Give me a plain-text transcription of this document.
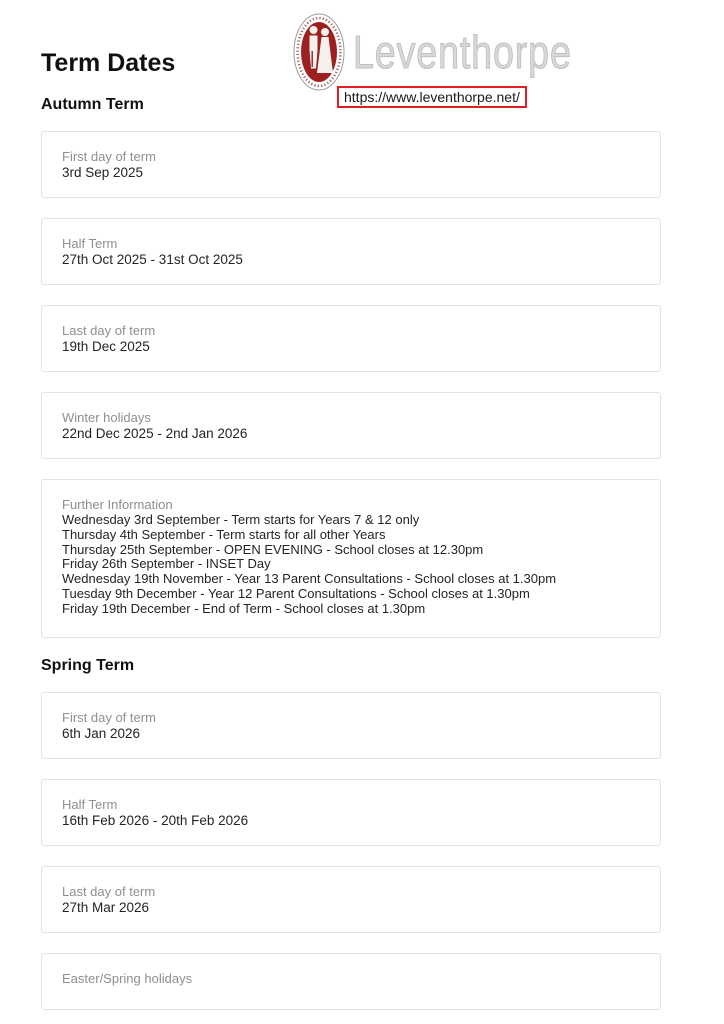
Term Dates	Leventhorpe
https://www.leventhorpe.net/
Autumn Term
First day of term
3rd Sep 2025
Half Term
27th Oct 2025 - 31st Oct 2025
Last day of term
19th Dec 2025
Winter holidays
22nd Dec 2025 - 2nd Jan 2026
Further Information
Wednesday 3rd September - Term starts for Years 7 & 12 only
Thursday 4th September - Term starts for all other Years
Thursday 25th September - OPEN EVENING - School closes at 12.30pm
Friday 26th September - INSET Day
Wednesday 19th November - Year 13 Parent Consultations - School closes at 1.30pm
Tuesday 9th December - Year 12 Parent Consultations - School closes at 1.30pm
Friday 19th December - End of Term - School closes at 1.30pm
Spring Term
First day of term
6th Jan 2026
Half Term
16th Feb 2026 - 20th Feb 2026
Last day of term
27th Mar 2026
Easter/Spring holidays
